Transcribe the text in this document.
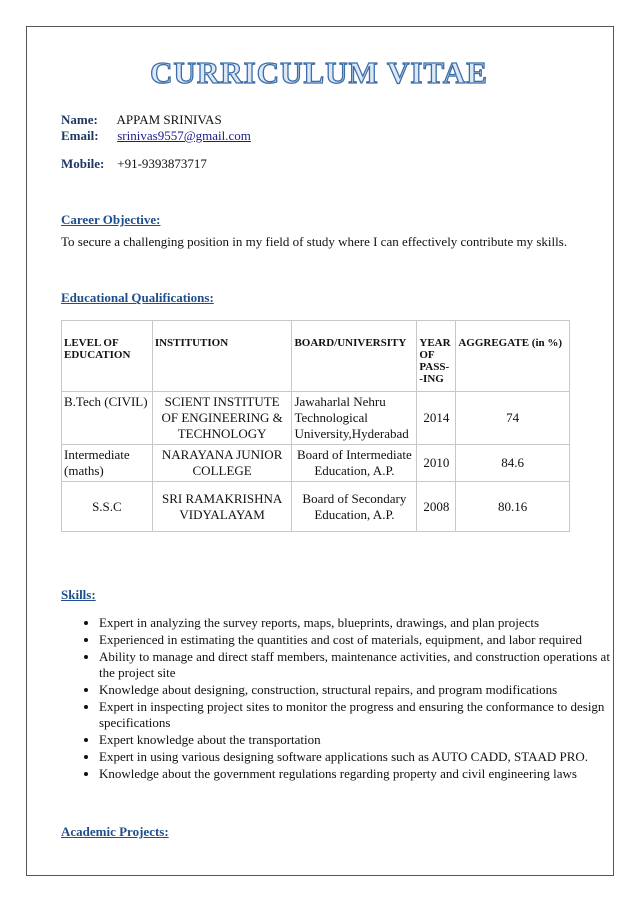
CURRICULUM VITAE
Name: APPAM SRINIVAS
Email: srinivas9557@gmail.com
Mobile: +91-9393873717
Career Objective:
To secure a challenging position in my field of study where I can effectively contribute my skills.
Educational Qualifications:
LEVEL OF EDUCATION	INSTITUTION	BOARD/UNIVERSITY	YEAR OF PASS- -ING	AGGREGATE (in %)
B.Tech (CIVIL)	SCIENT INSTITUTE OF ENGINEERING & TECHNOLOGY	Jawaharlal Nehru Technological University,Hyderabad	2014	74
Intermediate (maths)	NARAYANA JUNIOR COLLEGE	Board of Intermediate Education, A.P.	2010	84.6
S.S.C	SRI RAMAKRISHNA VIDYALAYAM	Board of Secondary Education, A.P.	2008	80.16
Skills:
• Expert in analyzing the survey reports, maps, blueprints, drawings, and plan projects
• Experienced in estimating the quantities and cost of materials, equipment, and labor required
• Ability to manage and direct staff members, maintenance activities, and construction operations at the project site
• Knowledge about designing, construction, structural repairs, and program modifications
• Expert in inspecting project sites to monitor the progress and ensuring the conformance to design specifications
• Expert knowledge about the transportation
• Expert in using various designing software applications such as AUTO CADD, STAAD PRO.
• Knowledge about the government regulations regarding property and civil engineering laws
Academic Projects:
